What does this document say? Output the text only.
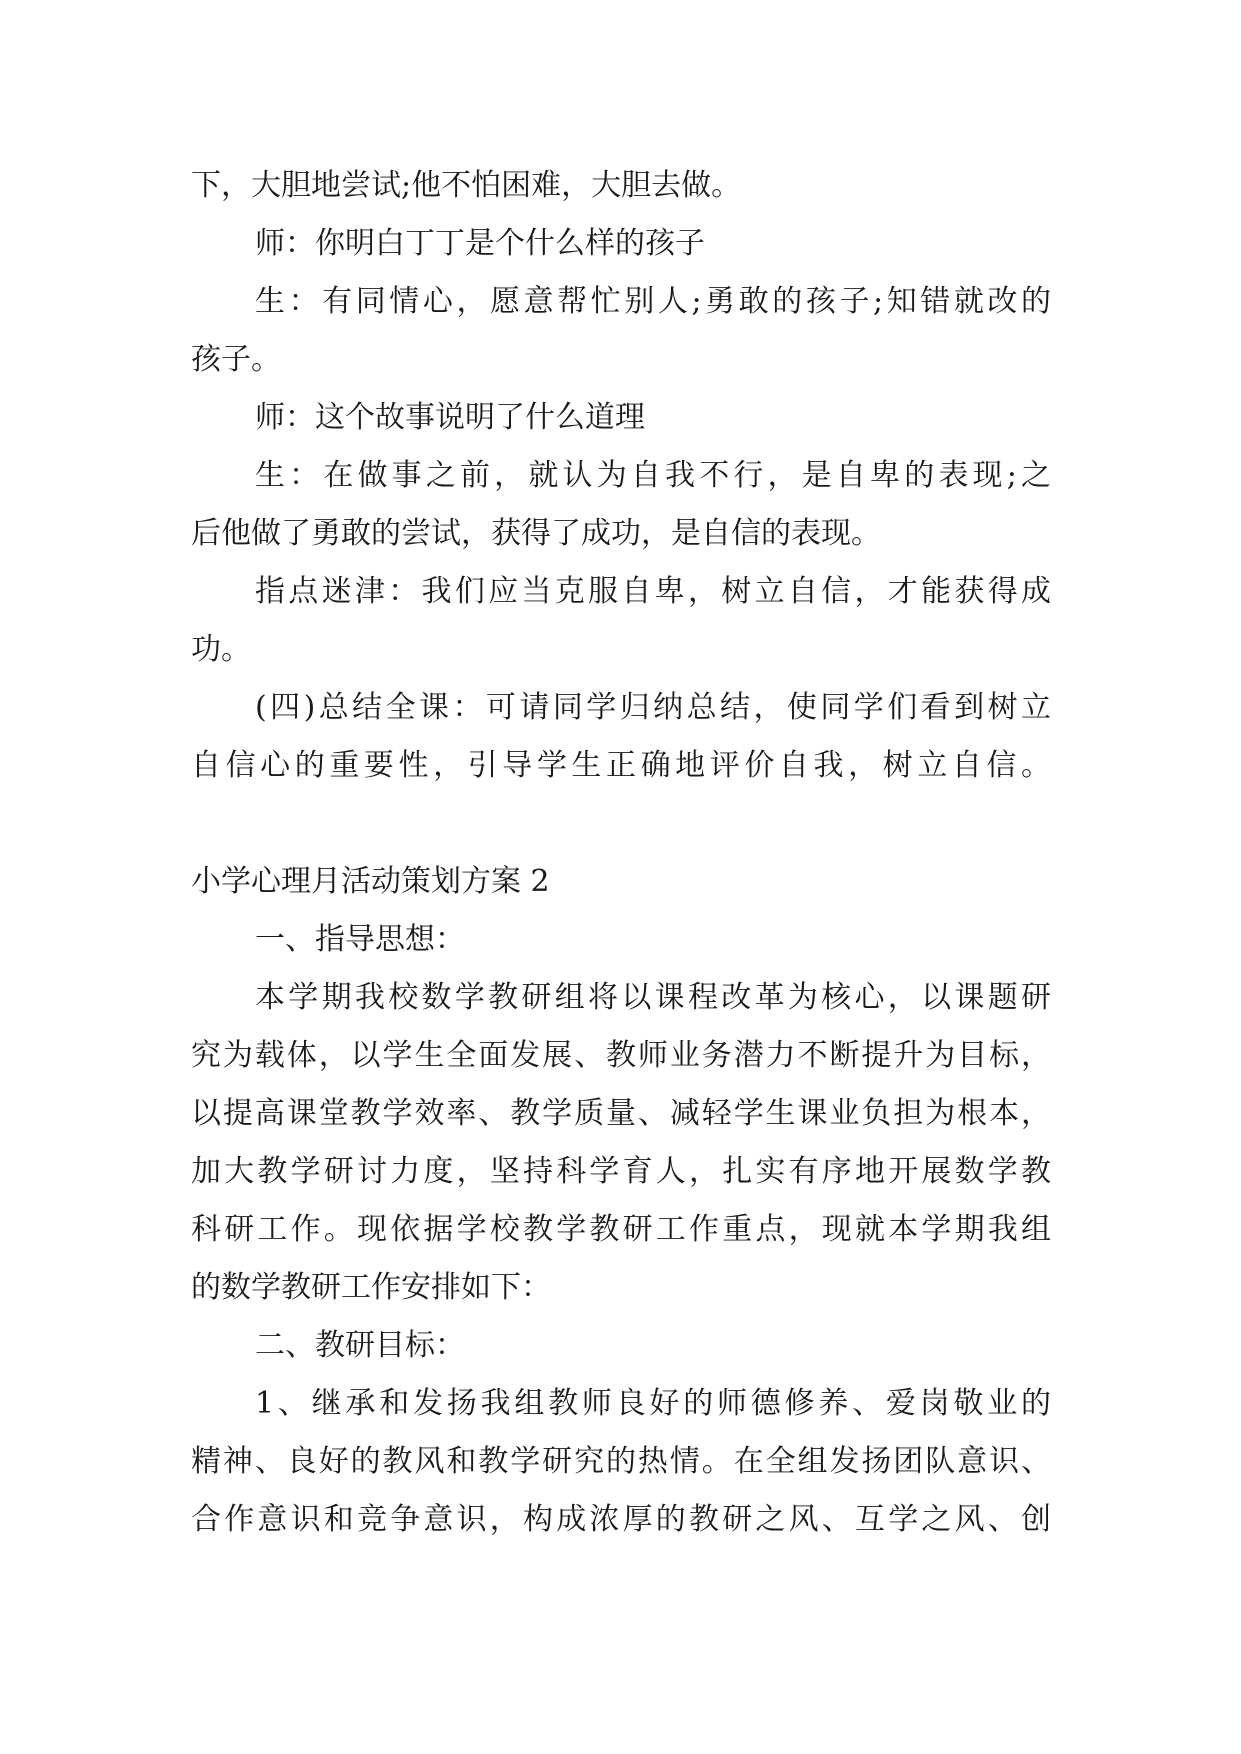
下，大胆地尝试;他不怕困难，大胆去做。
师：你明白丁丁是个什么样的孩子
生：有同情心，愿意帮忙别人;勇敢的孩子;知错就改的
孩子。
师：这个故事说明了什么道理
生：在做事之前，就认为自我不行，是自卑的表现;之
后他做了勇敢的尝试，获得了成功，是自信的表现。
指点迷津：我们应当克服自卑，树立自信，才能获得成
功。
(四)总结全课：可请同学归纳总结，使同学们看到树立
自信心的重要性，引导学生正确地评价自我，树立自信。
小学心理月活动策划方案 2
一、指导思想：
本学期我校数学教研组将以课程改革为核心，以课题研
究为载体，以学生全面发展、教师业务潜力不断提升为目标，
以提高课堂教学效率、教学质量、减轻学生课业负担为根本，
加大教学研讨力度，坚持科学育人，扎实有序地开展数学教
科研工作。现依据学校教学教研工作重点，现就本学期我组
的数学教研工作安排如下：
二、教研目标：
1、继承和发扬我组教师良好的师德修养、爱岗敬业的
精神、良好的教风和教学研究的热情。在全组发扬团队意识、
合作意识和竞争意识，构成浓厚的教研之风、互学之风、创
